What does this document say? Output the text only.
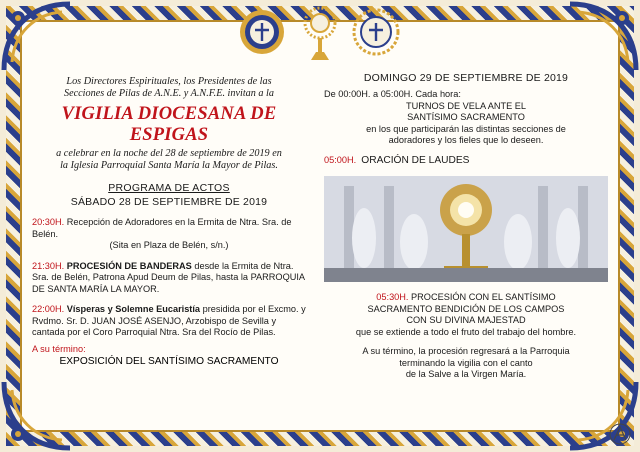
Los Directores Espirituales, los Presidentes de las
Secciones de Pilas de A.N.E. y A.N.F.E. invitan a la
VIGILIA DIOCESANA DE ESPIGAS
a celebrar en la noche del 28 de septiembre de 2019 en
la Iglesia Parroquial Santa María la Mayor de Pilas.
PROGRAMA DE ACTOS
SÁBADO 28 DE SEPTIEMBRE DE 2019
20:30H. Recepción de Adoradores en la Ermita de Ntra. Sra. de Belén.
(Sita en Plaza de Belén, s/n.)
21:30H. PROCESIÓN DE BANDERAS desde la Ermita de Ntra. Sra. de Belén, Patrona Apud Deum de Pilas, hasta la PARROQUIA DE SANTA MARÍA LA MAYOR.
22:00H. Vísperas y Solemne Eucaristía presidida por el Excmo. y Rvdmo. Sr. D. JUAN JOSÉ ASENJO, Arzobispo de Sevilla y cantada por el Coro Parroquial Ntra. Sra del Rocío de Pilas.
A su término:
EXPOSICIÓN DEL SANTÍSIMO SACRAMENTO
DOMINGO 29 DE SEPTIEMBRE DE 2019
De 00:00H. a 05:00H. Cada hora:
TURNOS DE VELA ANTE EL
SANTÍSIMO SACRAMENTO
en los que participarán las distintas secciones de
adoradores y los fieles que lo deseen.
05:00H. ORACIÓN DE LAUDES
05:30H. PROCESIÓN CON EL SANTÍSIMO
SACRAMENTO BENDICIÓN DE LOS CAMPOS
CON SU DIVINA MAJESTAD
que se extiende a todo el fruto del trabajo del hombre.
A su término, la procesión regresará a la Parroquia
terminando la vigilia con el canto
de la Salve a la Virgen María.
